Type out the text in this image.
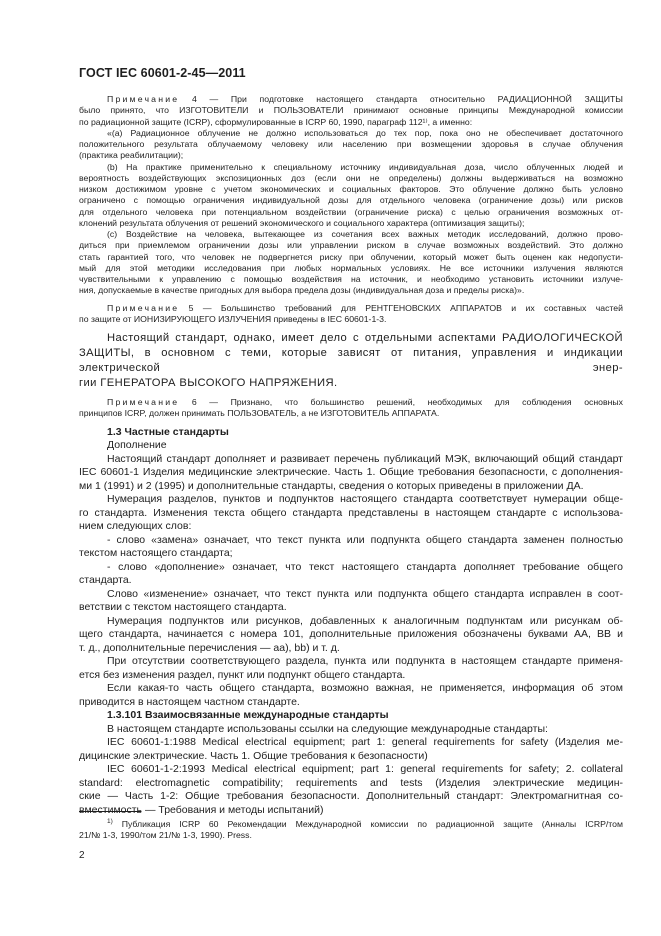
ГОСТ IEC 60601-2-45—2011

Примечание 4 — При подготовке настоящего стандарта относительно РАДИАЦИОННОЙ ЗАЩИТЫ

было принято, что ИЗГОТОВИТЕЛИ и ПОЛЬЗОВАТЕЛИ принимают основные принципы Международной комиссии

по радиационной защите (ICRP), сформулированные в ICRP 60, 1990, параграф 112¹⁾, а именно:

«(a) Радиационное облучение не должно использоваться до тех пор, пока оно не обеспечивает достаточного

положительного результата облучаемому человеку или населению при возмещении здоровья в случае облучения

(практика реабилитации);

(b) На практике применительно к специальному источнику индивидуальная доза, число облученных людей и

вероятность воздействующих экспозиционных доз (если они не определены) должны выдерживаться на возможно

низком достижимом уровне с учетом экономических и социальных факторов. Это облучение должно быть условно

ограничено с помощью ограничения индивидуальной дозы для отдельного человека (ограничение дозы) или рисков

для отдельного человека при потенциальном воздействии (ограничение риска) с целью ограничения возможных от-

клонений результата облучения от решений экономического и социального характера (оптимизация защиты);

(c) Воздействие на человека, вытекающее из сочетания всех важных методик исследований, должно прово-

диться при приемлемом ограничении дозы или управлении риском в случае возможных воздействий. Это должно

стать гарантией того, что человек не подвергнется риску при облучении, который может быть оценен как недопусти-

мый для этой методики исследования при любых нормальных условиях. Не все источники излучения являются

чувствительными к управлению с помощью воздействия на источник, и необходимо установить источники излуче-

ния, допускаемые в качестве пригодных для выбора предела дозы (индивидуальная доза и пределы риска)».

Примечание 5 — Большинство требований для РЕНТГЕНОВСКИХ АППАРАТОВ и их составных частей

по защите от ИОНИЗИРУЮЩЕГО ИЗЛУЧЕНИЯ приведены в IEC 60601-1-3.

Настоящий стандарт, однако, имеет дело с отдельными аспектами РАДИОЛОГИЧЕСКОЙ

ЗАЩИТЫ, в основном с теми, которые зависят от питания, управления и индикации электрической энер-

гии ГЕНЕРАТОРА ВЫСОКОГО НАПРЯЖЕНИЯ.

Примечание 6 — Признано, что большинство решений, необходимых для соблюдения основных

принципов ICRP, должен принимать ПОЛЬЗОВАТЕЛЬ, а не ИЗГОТОВИТЕЛЬ АППАРАТА.

1.3 Частные стандарты

Дополнение

Настоящий стандарт дополняет и развивает перечень публикаций МЭК, включающий общий стандарт

IEC 60601-1 Изделия медицинские электрические. Часть 1. Общие требования безопасности, с дополнения-

ми 1 (1991) и 2 (1995) и дополнительные стандарты, сведения о которых приведены в приложении ДА.

Нумерация разделов, пунктов и подпунктов настоящего стандарта соответствует нумерации обще-

го стандарта. Изменения текста общего стандарта представлены в настоящем стандарте с использова-

нием следующих слов:

- слово «замена» означает, что текст пункта или подпункта общего стандарта заменен полностью

текстом настоящего стандарта;

- слово «дополнение» означает, что текст настоящего стандарта дополняет требование общего

стандарта.

Слово «изменение» означает, что текст пункта или подпункта общего стандарта исправлен в соот-

ветствии с текстом настоящего стандарта.

Нумерация подпунктов или рисунков, добавленных к аналогичным подпунктам или рисункам об-

щего стандарта, начинается с номера 101, дополнительные приложения обозначены буквами АА, ВВ и

т. д., дополнительные перечисления — аа), bb) и т. д.

При отсутствии соответствующего раздела, пункта или подпункта в настоящем стандарте применя-

ется без изменения раздел, пункт или подпункт общего стандарта.

Если какая-то часть общего стандарта, возможно важная, не применяется, информация об этом

приводится в настоящем частном стандарте.

1.3.101 Взаимосвязанные международные стандарты

В настоящем стандарте использованы ссылки на следующие международные стандарты:

IEC 60601-1:1988 Medical electrical equipment; part 1: general requirements for safety (Изделия ме-

дицинские электрические. Часть 1. Общие требования к безопасности)

IEC 60601-1-2:1993 Medical electrical equipment; part 1: general requirements for safety; 2. collateral

standard: electromagnetic compatibility; requirements and tests (Изделия электрические медицин-

ские — Часть 1-2: Общие требования безопасности. Дополнительный стандарт: Электромагнитная со-

вместимость — Требования и методы испытаний)

$^{1)}$ Публикация ICRP 60 Рекомендации Международной комиссии по радиационной защите (Анналы ICRP/том

21/№ 1-3, 1990/том 21/№ 1-3, 1990). Press.

2
